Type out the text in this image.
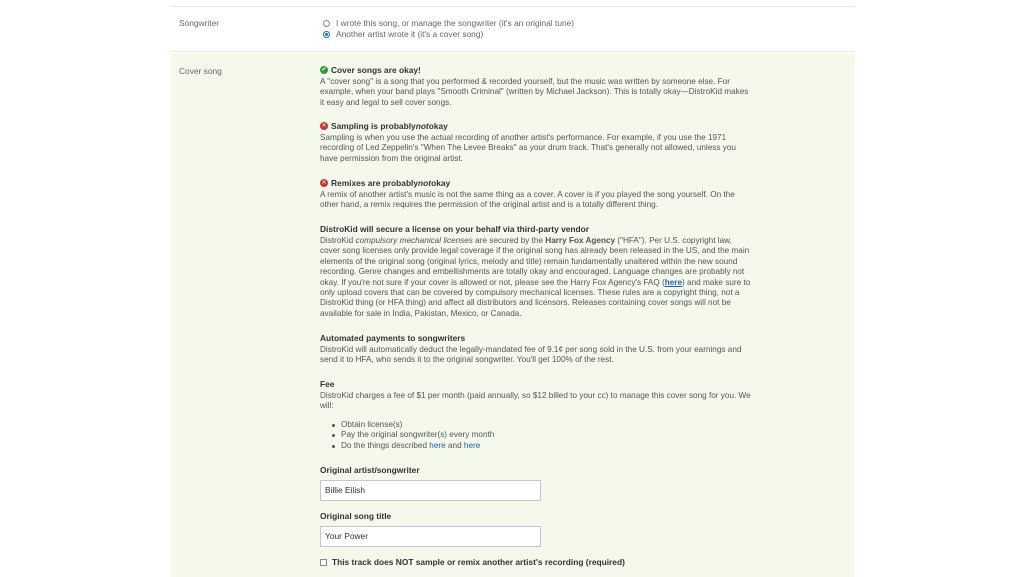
Songwriter	I wrote this song, or manage the songwriter (it's an original tune)
Another artist wrote it (it's a cover song)
Cover song	✔ Cover songs are okay!
A "cover song" is a song that you performed & recorded yourself, but the music was written by someone else. For example, when your band plays "Smooth Criminal" (written by Michael Jackson). This is totally okay—DistroKid makes it easy and legal to sell cover songs.
✕ Sampling is probably not okay
Sampling is when you use the actual recording of another artist's performance. For example, if you use the 1971 recording of Led Zeppelin's "When The Levee Breaks" as your drum track. That's generally not allowed, unless you have permission from the original artist.
✕ Remixes are probably not okay
A remix of another artist's music is not the same thing as a cover. A cover is if you played the song yourself. On the other hand, a remix requires the permission of the original artist and is a totally different thing.
DistroKid will secure a license on your behalf via third-party vendor
DistroKid compulsory mechanical licenses are secured by the Harry Fox Agency ("HFA"). Per U.S. copyright law, cover song licenses only provide legal coverage if the original song has already been released in the US, and the main elements of the original song (original lyrics, melody and title) remain fundamentally unaltered within the new sound recording. Genre changes and embellishments are totally okay and encouraged. Language changes are probably not okay. If you're not sure if your cover is allowed or not, please see the Harry Fox Agency's FAQ (here) and make sure to only upload covers that can be covered by compulsory mechanical licenses. These rules are a copyright thing, not a DistroKid thing (or HFA thing) and affect all distributors and licensors. Releases containing cover songs will not be available for sale in India, Pakistan, Mexico, or Canada.
Automated payments to songwriters
DistroKid will automatically deduct the legally-mandated fee of 9.1¢ per song sold in the U.S. from your earnings and send it to HFA, who sends it to the original songwriter. You'll get 100% of the rest.
Fee
DistroKid charges a fee of $1 per month (paid annually, so $12 billed to your cc) to manage this cover song for you. We will:
Obtain license(s)
Pay the original songwriter(s) every month
Do the things described here and here
Original artist/songwriter
Billie Eilish
Original song title
Your Power
This track does NOT sample or remix another artist's recording (required)
